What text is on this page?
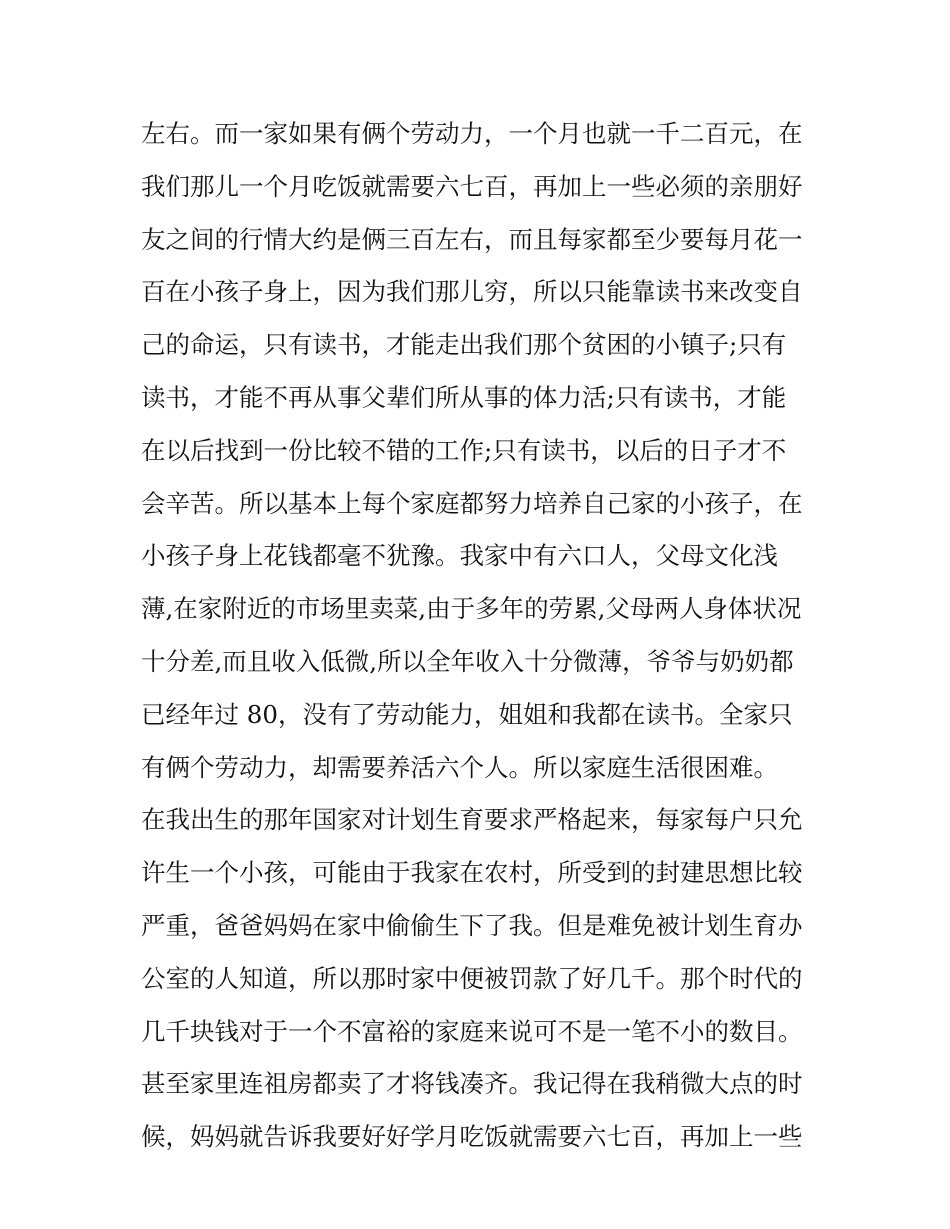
左右。而一家如果有俩个劳动力，一个月也就一千二百元，在
我们那儿一个月吃饭就需要六七百，再加上一些必须的亲朋好
友之间的行情大约是俩三百左右，而且每家都至少要每月花一
百在小孩子身上，因为我们那儿穷，所以只能靠读书来改变自
己的命运，只有读书，才能走出我们那个贫困的小镇子;只有
读书，才能不再从事父辈们所从事的体力活;只有读书，才能
在以后找到一份比较不错的工作;只有读书，以后的日子才不
会辛苦。所以基本上每个家庭都努力培养自己家的小孩子，在
小孩子身上花钱都毫不犹豫。我家中有六口人，父母文化浅
薄,在家附近的市场里卖菜,由于多年的劳累,父母两人身体状况
十分差,而且收入低微,所以全年收入十分微薄，爷爷与奶奶都
已经年过 80，没有了劳动能力，姐姐和我都在读书。全家只
有俩个劳动力，却需要养活六个人。所以家庭生活很困难。
在我出生的那年国家对计划生育要求严格起来，每家每户只允
许生一个小孩，可能由于我家在农村，所受到的封建思想比较
严重，爸爸妈妈在家中偷偷生下了我。但是难免被计划生育办
公室的人知道，所以那时家中便被罚款了好几千。那个时代的
几千块钱对于一个不富裕的家庭来说可不是一笔不小的数目。
甚至家里连祖房都卖了才将钱凑齐。我记得在我稍微大点的时
候，妈妈就告诉我要好好学月吃饭就需要六七百，再加上一些
